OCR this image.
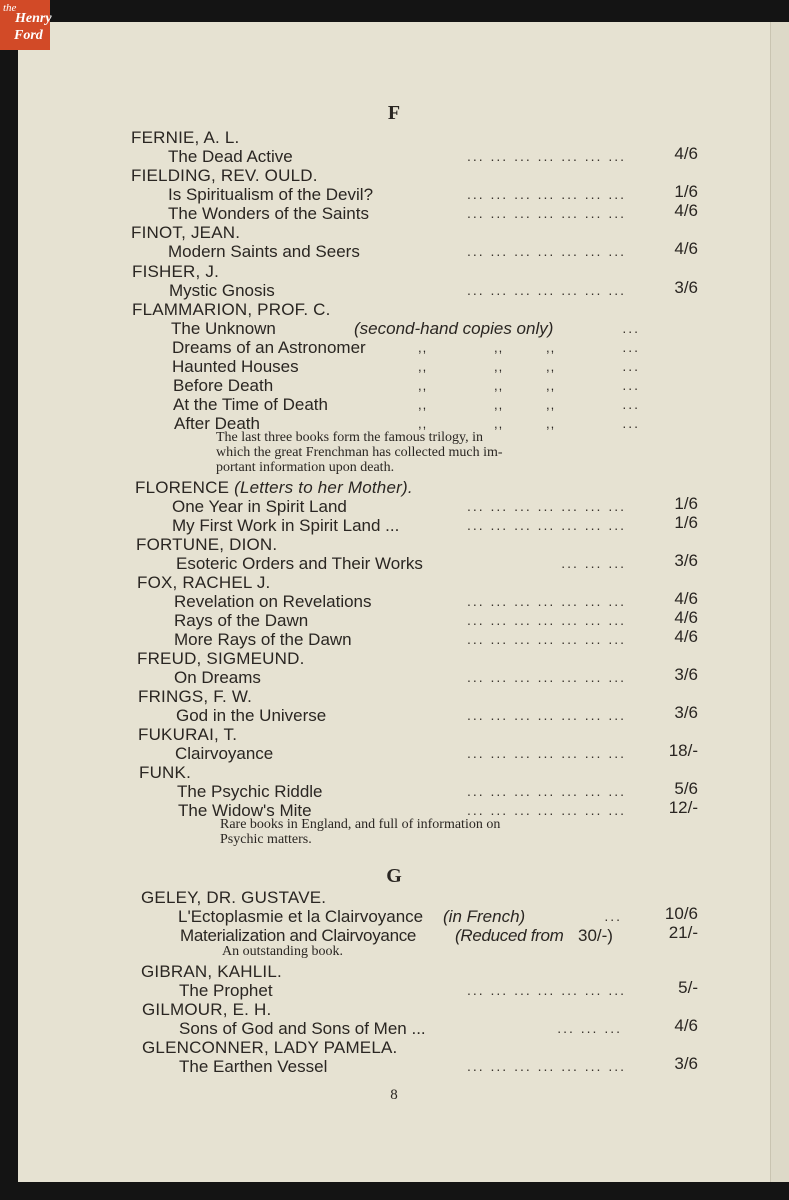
the
Henry
Ford
F
FERNIE, A. L.
The Dead Active	... ... ... ... ... ... ...	4/6
FIELDING, REV. OULD.
Is Spiritualism of the Devil?	... ... ... ... ... ... ...	1/6
The Wonders of the Saints	... ... ... ... ... ... ...	4/6
FINOT, JEAN.
Modern Saints and Seers	... ... ... ... ... ... ...	4/6
FISHER, J.
Mystic Gnosis	... ... ... ... ... ... ...	3/6
FLAMMARION, PROF. C.
The Unknown	(second-hand copies only)	...
Dreams of an Astronomer	,,	,,	,,	...
Haunted Houses	,,	,,	,,	...
Before Death	,,	,,	,,	...
At the Time of Death	,,	,,	,,	...
After Death	,,	,,	,,	...
The last three books form the famous trilogy, in
which the great Frenchman has collected much im-
portant information upon death.
FLORENCE (Letters to her Mother).
One Year in Spirit Land	... ... ... ... ... ... ...	1/6
My First Work in Spirit Land ...	... ... ... ... ... ... ...	1/6
FORTUNE, DION.
Esoteric Orders and Their Works	... ... ...	3/6
FOX, RACHEL J.
Revelation on Revelations	... ... ... ... ... ... ...	4/6
Rays of the Dawn	... ... ... ... ... ... ...	4/6
More Rays of the Dawn	... ... ... ... ... ... ...	4/6
FREUD, SIGMEUND.
On Dreams	... ... ... ... ... ... ...	3/6
FRINGS, F. W.
God in the Universe	... ... ... ... ... ... ...	3/6
FUKURAI, T.
Clairvoyance	... ... ... ... ... ... ...	18/-
FUNK.
The Psychic Riddle	... ... ... ... ... ... ...	5/6
The Widow's Mite	... ... ... ... ... ... ...	12/-
Rare books in England, and full of information on
Psychic matters.
G
GELEY, DR. GUSTAVE.
L'Ectoplasmie et la Clairvoyance (in French)	...	10/6
Materialization and Clairvoyance (Reduced from 30/-)	21/-
An outstanding book.
GIBRAN, KAHLIL.
The Prophet	... ... ... ... ... ... ...	5/-
GILMOUR, E. H.
Sons of God and Sons of Men ...	... ... ...	4/6
GLENCONNER, LADY PAMELA.
The Earthen Vessel	... ... ... ... ... ... ...	3/6
8
